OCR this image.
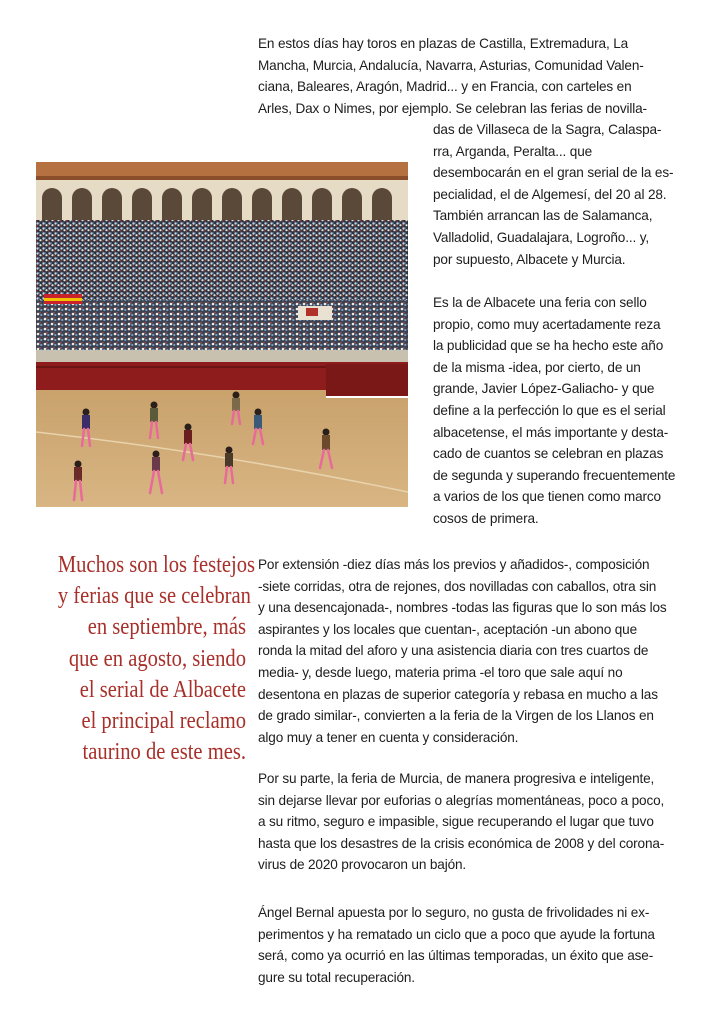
En estos días hay toros en plazas de Castilla, Extremadura, La
Mancha, Murcia, Andalucía, Navarra, Asturias, Comunidad Valen-
ciana, Baleares, Aragón, Madrid... y en Francia, con carteles en
Arles, Dax o Nimes, por ejemplo. Se celebran las ferias de novilla-
das de Villaseca de la Sagra, Calaspa-
rra, Arganda, Peralta... que
desembocarán en el gran serial de la es-
pecialidad, el de Algemesí, del 20 al 28.
También arrancan las de Salamanca,
Valladolid, Guadalajara, Logroño... y,
por supuesto, Albacete y Murcia.
Es la de Albacete una feria con sello
propio, como muy acertadamente reza
la publicidad que se ha hecho este año
de la misma -idea, por cierto, de un
grande, Javier López-Galiacho- y que
define a la perfección lo que es el serial
albacetense, el más importante y desta-
cado de cuantos se celebran en plazas
de segunda y superando frecuentemente
a varios de los que tienen como marco
cosos de primera.
Por extensión -diez días más los previos y añadidos-, composición
-siete corridas, otra de rejones, dos novilladas con caballos, otra sin
y una desencajonada-, nombres -todas las figuras que lo son más los
aspirantes y los locales que cuentan-, aceptación -un abono que
ronda la mitad del aforo y una asistencia diaria con tres cuartos de
media- y, desde luego, materia prima -el toro que sale aquí no
desentona en plazas de superior categoría y rebasa en mucho a las
de grado similar-, convierten a la feria de la Virgen de los Llanos en
algo muy a tener en cuenta y consideración.
Por su parte, la feria de Murcia, de manera progresiva e inteligente,
sin dejarse llevar por euforias o alegrías momentáneas, poco a poco,
a su ritmo, seguro e impasible, sigue recuperando el lugar que tuvo
hasta que los desastres de la crisis económica de 2008 y del corona-
virus de 2020 provocaron un bajón.
Ángel Bernal apuesta por lo seguro, no gusta de frivolidades ni ex-
perimentos y ha rematado un ciclo que a poco que ayude la fortuna
será, como ya ocurrió en las últimas temporadas, un éxito que ase-
gure su total recuperación.
Muchos son los festejos
y ferias que se celebran
en septiembre, más
que en agosto, siendo
el serial de Albacete
el principal reclamo
taurino de este mes.
